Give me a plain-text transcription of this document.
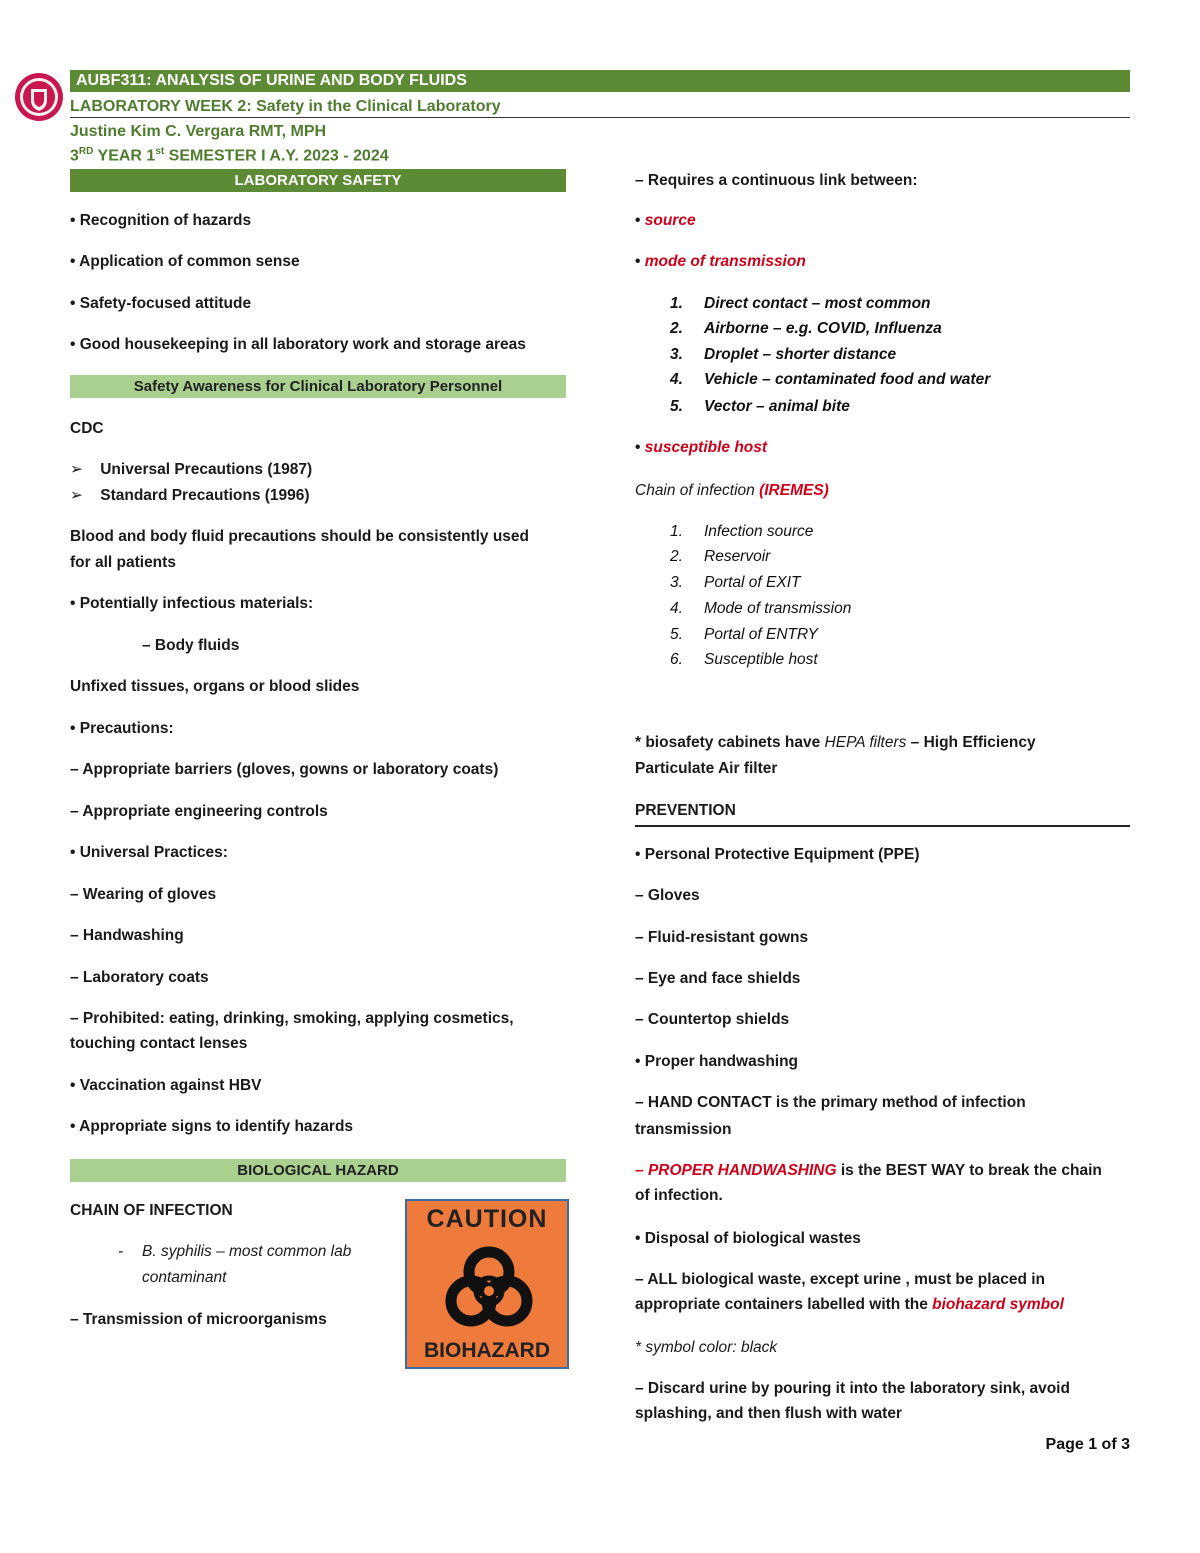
AUBF311: ANALYSIS OF URINE AND BODY FLUIDS
LABORATORY WEEK 2: Safety in the Clinical Laboratory
Justine Kim C. Vergara RMT, MPH
3RD YEAR 1st SEMESTER I A.Y. 2023 - 2024
LABORATORY SAFETY
• Recognition of hazards
• Application of common sense
• Safety-focused attitude
• Good housekeeping in all laboratory work and storage areas
Safety Awareness for Clinical Laboratory Personnel
CDC
➢ Universal Precautions (1987)
➢ Standard Precautions (1996)
Blood and body fluid precautions should be consistently used
for all patients
• Potentially infectious materials:
– Body fluids
Unfixed tissues, organs or blood slides
• Precautions:
– Appropriate barriers (gloves, gowns or laboratory coats)
– Appropriate engineering controls
• Universal Practices:
– Wearing of gloves
– Handwashing
– Laboratory coats
– Prohibited: eating, drinking, smoking, applying cosmetics,
touching contact lenses
• Vaccination against HBV
• Appropriate signs to identify hazards
BIOLOGICAL HAZARD
CHAIN OF INFECTION
- B. syphilis – most common lab
contaminant
– Transmission of microorganisms
CAUTION
BIOHAZARD
– Requires a continuous link between:
• source
• mode of transmission
1. Direct contact – most common
2. Airborne – e.g. COVID, Influenza
3. Droplet – shorter distance
4. Vehicle – contaminated food and water
5. Vector – animal bite
• susceptible host
Chain of infection (IREMES)
1. Infection source
2. Reservoir
3. Portal of EXIT
4. Mode of transmission
5. Portal of ENTRY
6. Susceptible host
* biosafety cabinets have HEPA filters – High Efficiency
Particulate Air filter
PREVENTION
• Personal Protective Equipment (PPE)
– Gloves
– Fluid-resistant gowns
– Eye and face shields
– Countertop shields
• Proper handwashing
– HAND CONTACT is the primary method of infection
transmission
– PROPER HANDWASHING is the BEST WAY to break the chain
of infection.
• Disposal of biological wastes
– ALL biological waste, except urine , must be placed in
appropriate containers labelled with the biohazard symbol
* symbol color: black
– Discard urine by pouring it into the laboratory sink, avoid
splashing, and then flush with water
Page 1 of 3
